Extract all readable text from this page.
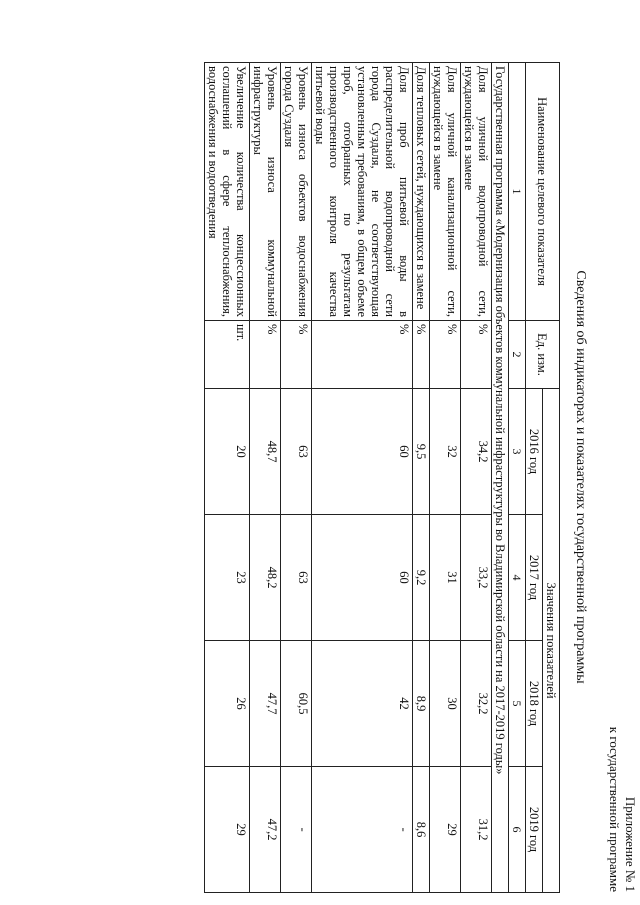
Приложение № 1
к государственной программе
Сведения об индикаторах и показателях государственной программы
Наименование целевого показателя	Ед. изм.	Значения показателей			
		2016 год	2017 год	2018 год	2019 год
1	2	3	4	5	6
Государственная программа «Модернизация объектов коммунальной инфраструктуры во Владимирской области на 2017-2019 годы»					
Доля уличной водопроводной сети, нуждающейся в замене	%	34,2	33,2	32,2	31,2
Доля уличной канализационной сети, нуждающейся в замене	%	32	31	30	29
Доля тепловых сетей, нуждающихся в замене	%	9,5	9,2	8,9	8,6
Доля проб питьевой воды в распределительной водопроводной сети города Суздаля, не соответствующая установленным требованиям, в общем объеме проб, отобранных по результатам производственного контроля качества питьевой воды	%	60	60	42	-
Уровень износа объектов водоснабжения города Суздаля	%	63	63	60,5	-
Уровень износа коммунальной инфраструктуры	%	48,7	48,2	47,7	47,2
Увеличение количества концессионных соглашений в сфере теплоснабжения, водоснабжения и водоотведения	шт.	20	23	26	29
